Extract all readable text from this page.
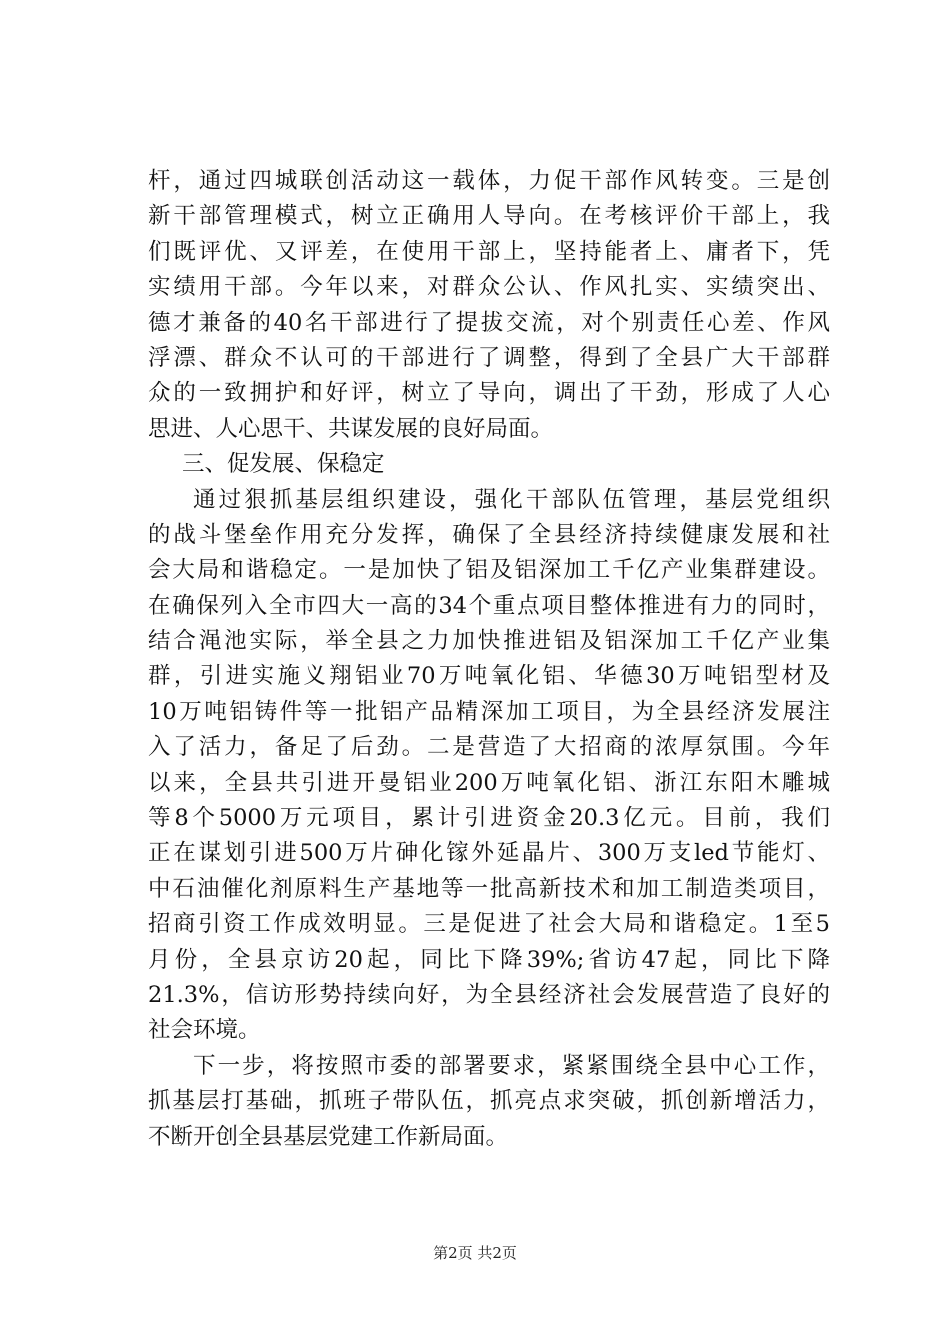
杆，通过四城联创活动这一载体，力促干部作风转变。三是创
新干部管理模式，树立正确用人导向。在考核评价干部上，我
们既评优、又评差，在使用干部上，坚持能者上、庸者下，凭
实绩用干部。今年以来，对群众公认、作风扎实、实绩突出、
德才兼备的40名干部进行了提拔交流，对个别责任心差、作风
浮漂、群众不认可的干部进行了调整，得到了全县广大干部群
众的一致拥护和好评，树立了导向，调出了干劲，形成了人心
思进、人心思干、共谋发展的良好局面。
三、促发展、保稳定
通过狠抓基层组织建设，强化干部队伍管理，基层党组织
的战斗堡垒作用充分发挥，确保了全县经济持续健康发展和社
会大局和谐稳定。一是加快了铝及铝深加工千亿产业集群建设。
在确保列入全市四大一高的34个重点项目整体推进有力的同时，
结合渑池实际，举全县之力加快推进铝及铝深加工千亿产业集
群，引进实施义翔铝业70万吨氧化铝、华德30万吨铝型材及
10万吨铝铸件等一批铝产品精深加工项目，为全县经济发展注
入了活力，备足了后劲。二是营造了大招商的浓厚氛围。今年
以来，全县共引进开曼铝业200万吨氧化铝、浙江东阳木雕城
等8个5000万元项目，累计引进资金20.3亿元。目前，我们
正在谋划引进500万片砷化镓外延晶片、300万支led节能灯、
中石油催化剂原料生产基地等一批高新技术和加工制造类项目，
招商引资工作成效明显。三是促进了社会大局和谐稳定。1至5
月份，全县京访20起，同比下降39%;省访47起，同比下降
21.3%，信访形势持续向好，为全县经济社会发展营造了良好的
社会环境。
下一步，将按照市委的部署要求，紧紧围绕全县中心工作，
抓基层打基础，抓班子带队伍，抓亮点求突破，抓创新增活力，
不断开创全县基层党建工作新局面。
第2页 共2页
